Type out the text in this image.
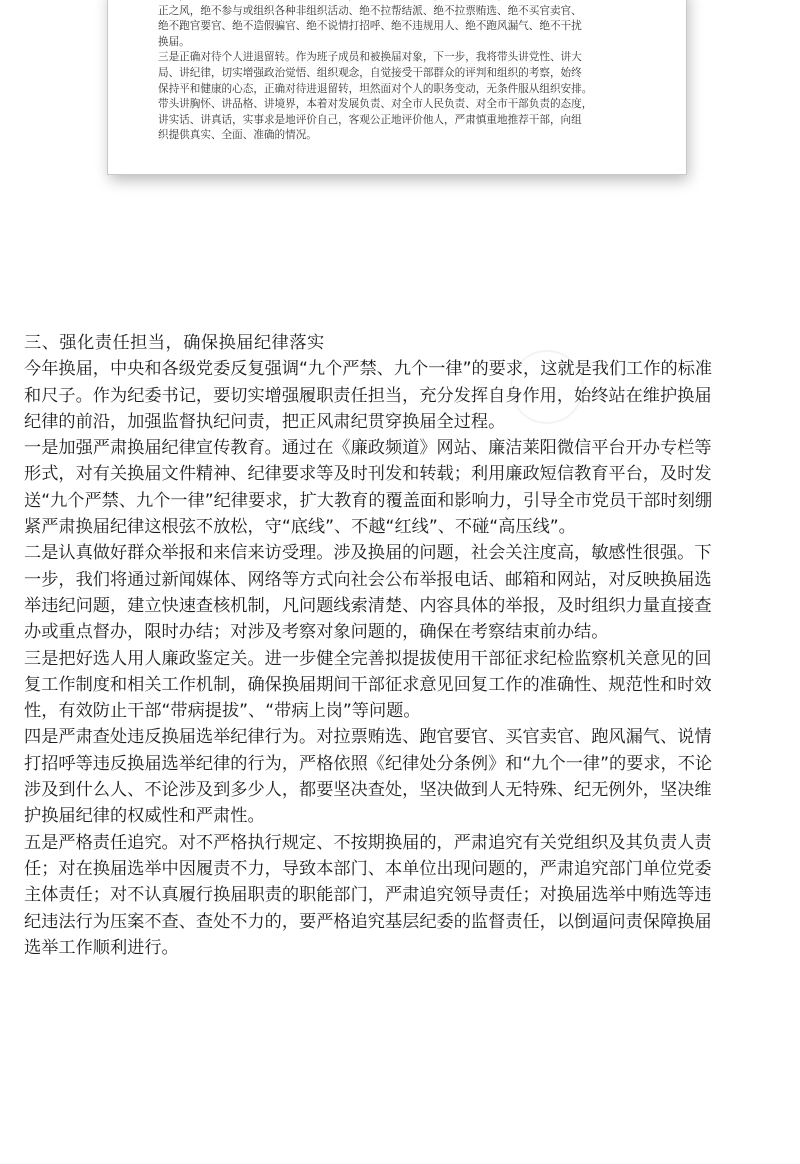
正之风，绝不参与或组织各种非组织活动、绝不拉帮结派、绝不拉票贿选、绝不买官卖官、
绝不跑官要官、绝不造假骗官、绝不说情打招呼、绝不违规用人、绝不跑风漏气、绝不干扰
换届。
三是正确对待个人进退留转。作为班子成员和被换届对象，下一步，我将带头讲党性、讲大
局、讲纪律，切实增强政治觉悟、组织观念，自觉接受干部群众的评判和组织的考察，始终
保持平和健康的心态，正确对待进退留转，坦然面对个人的职务变动，无条件服从组织安排。
带头讲胸怀、讲品格、讲境界，本着对发展负责、对全市人民负责、对全市干部负责的态度，
讲实话、讲真话，实事求是地评价自己，客观公正地评价他人，严肃慎重地推荐干部，向组
织提供真实、全面、准确的情况。
三、强化责任担当，确保换届纪律落实
今年换届，中央和各级党委反复强调“九个严禁、九个一律”的要求，这就是我们工作的标准
和尺子。作为纪委书记，要切实增强履职责任担当，充分发挥自身作用，始终站在维护换届
纪律的前沿，加强监督执纪问责，把正风肃纪贯穿换届全过程。
一是加强严肃换届纪律宣传教育。通过在《廉政频道》网站、廉洁莱阳微信平台开办专栏等
形式，对有关换届文件精神、纪律要求等及时刊发和转载；利用廉政短信教育平台，及时发
送“九个严禁、九个一律”纪律要求，扩大教育的覆盖面和影响力，引导全市党员干部时刻绷
紧严肃换届纪律这根弦不放松，守“底线”、不越“红线”、不碰“高压线”。
二是认真做好群众举报和来信来访受理。涉及换届的问题，社会关注度高，敏感性很强。下
一步，我们将通过新闻媒体、网络等方式向社会公布举报电话、邮箱和网站，对反映换届选
举违纪问题，建立快速查核机制，凡问题线索清楚、内容具体的举报，及时组织力量直接查
办或重点督办，限时办结；对涉及考察对象问题的，确保在考察结束前办结。
三是把好选人用人廉政鉴定关。进一步健全完善拟提拔使用干部征求纪检监察机关意见的回
复工作制度和相关工作机制，确保换届期间干部征求意见回复工作的准确性、规范性和时效
性，有效防止干部“带病提拔”、“带病上岗”等问题。
四是严肃查处违反换届选举纪律行为。对拉票贿选、跑官要官、买官卖官、跑风漏气、说情
打招呼等违反换届选举纪律的行为，严格依照《纪律处分条例》和“九个一律”的要求，不论
涉及到什么人、不论涉及到多少人，都要坚决查处，坚决做到人无特殊、纪无例外，坚决维
护换届纪律的权威性和严肃性。
五是严格责任追究。对不严格执行规定、不按期换届的，严肃追究有关党组织及其负责人责
任；对在换届选举中因履责不力，导致本部门、本单位出现问题的，严肃追究部门单位党委
主体责任；对不认真履行换届职责的职能部门，严肃追究领导责任；对换届选举中贿选等违
纪违法行为压案不查、查处不力的，要严格追究基层纪委的监督责任，以倒逼问责保障换届
选举工作顺利进行。
